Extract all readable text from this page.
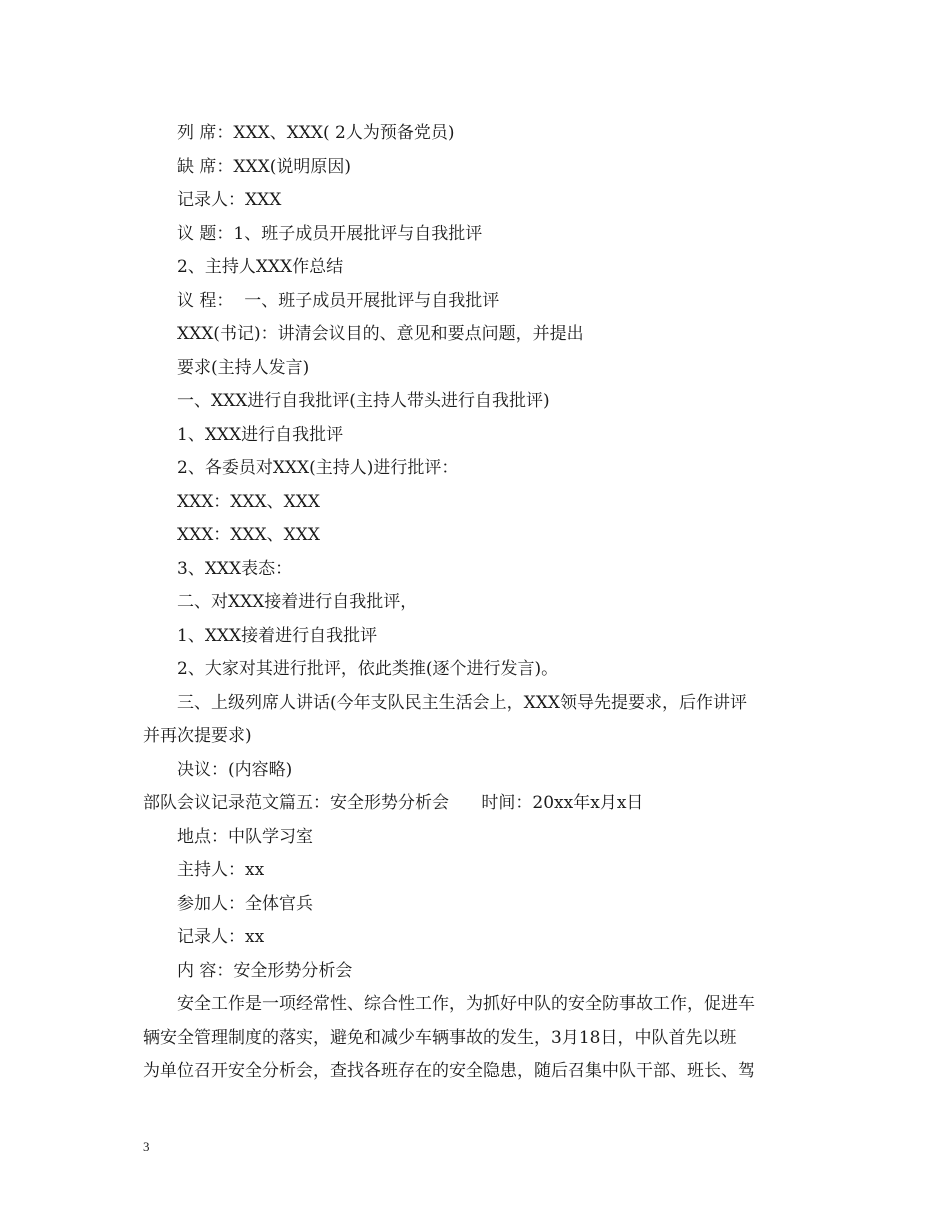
列 席：XXX、XXX( 2人为预备党员)
缺 席：XXX(说明原因)
记录人：XXX
议 题：1、班子成员开展批评与自我批评
2、主持人XXX作总结
议 程：  一、班子成员开展批评与自我批评
XXX(书记)：讲清会议目的、意见和要点问题，并提出
要求(主持人发言)
一、XXX进行自我批评(主持人带头进行自我批评)
1、XXX进行自我批评
2、各委员对XXX(主持人)进行批评：
XXX：XXX、XXX
XXX：XXX、XXX
3、XXX表态：
二、对XXX接着进行自我批评，
1、XXX接着进行自我批评
2、大家对其进行批评，依此类推(逐个进行发言)。
三、上级列席人讲话(今年支队民主生活会上，XXX领导先提要求，后作讲评
并再次提要求)
决议：(内容略)
部队会议记录范文篇五：安全形势分析会      时间：20xx年x月x日
地点：中队学习室
主持人：xx
参加人：全体官兵
记录人：xx
内 容：安全形势分析会
安全工作是一项经常性、综合性工作，为抓好中队的安全防事故工作，促进车
辆安全管理制度的落实，避免和减少车辆事故的发生，3月18日，中队首先以班
为单位召开安全分析会，查找各班存在的安全隐患，随后召集中队干部、班长、驾
3
